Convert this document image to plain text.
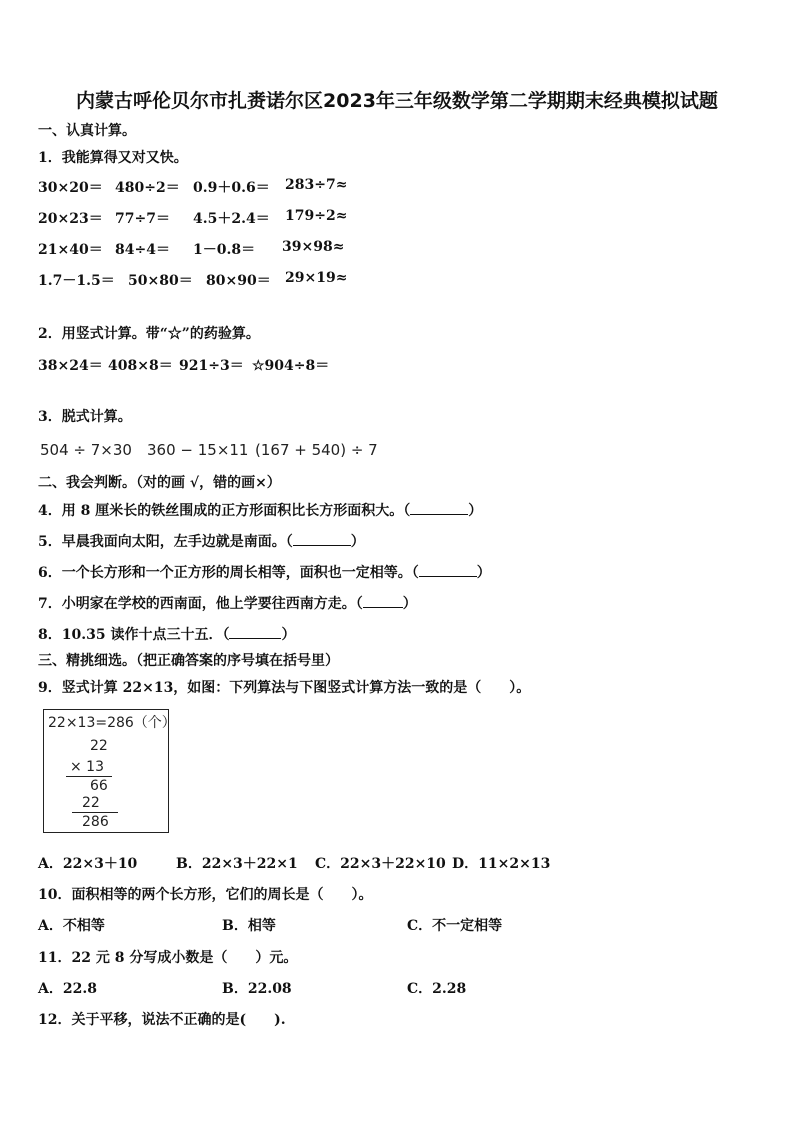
内蒙古呼伦贝尔市扎赉诺尔区2023年三年级数学第二学期期末经典模拟试题
一、认真计算。
1．我能算得又对又快。
30×20＝ 480÷2＝ 0.9＋0.6＝ 283÷7≈
20×23＝ 77÷7＝ 4.5＋2.4＝ 179÷2≈
21×40＝ 84÷4＝ 1－0.8＝ 39×98≈
1.7－1.5＝ 50×80＝ 80×90＝ 29×19≈
2．用竖式计算。带“☆”的药验算。
38×24＝ 408×8＝ 921÷3＝ ☆904÷8＝
3．脱式计算。
504 ÷ 7×30 360 − 15×11 (167 + 540) ÷ 7
二、我会判断。（对的画 √，错的画×）
4．用 8 厘米长的铁丝围成的正方形面积比长方形面积大。（	）
5．早晨我面向太阳，左手边就是南面。（	）
6．一个长方形和一个正方形的周长相等，面积也一定相等。（	）
7．小明家在学校的西南面，他上学要往西南方走。（	）
8．10.35 读作十点三十五．（	）
三、精挑细选。（把正确答案的序号填在括号里）
9．竖式计算 22×13，如图：下列算法与下图竖式计算方法一致的是（　　）。
22×13=286（个）
22
× 13
66
22
286
A．22×3＋10	B．22×3＋22×1 C．22×3＋22×10 D．11×2×13
10．面积相等的两个长方形，它们的周长是（　　）。
A．不相等	B．相等	C．不一定相等
11．22 元 8 分写成小数是（　　）元。
A．22.8	B．22.08	C．2.28
12．关于平移，说法不正确的是(　　).
